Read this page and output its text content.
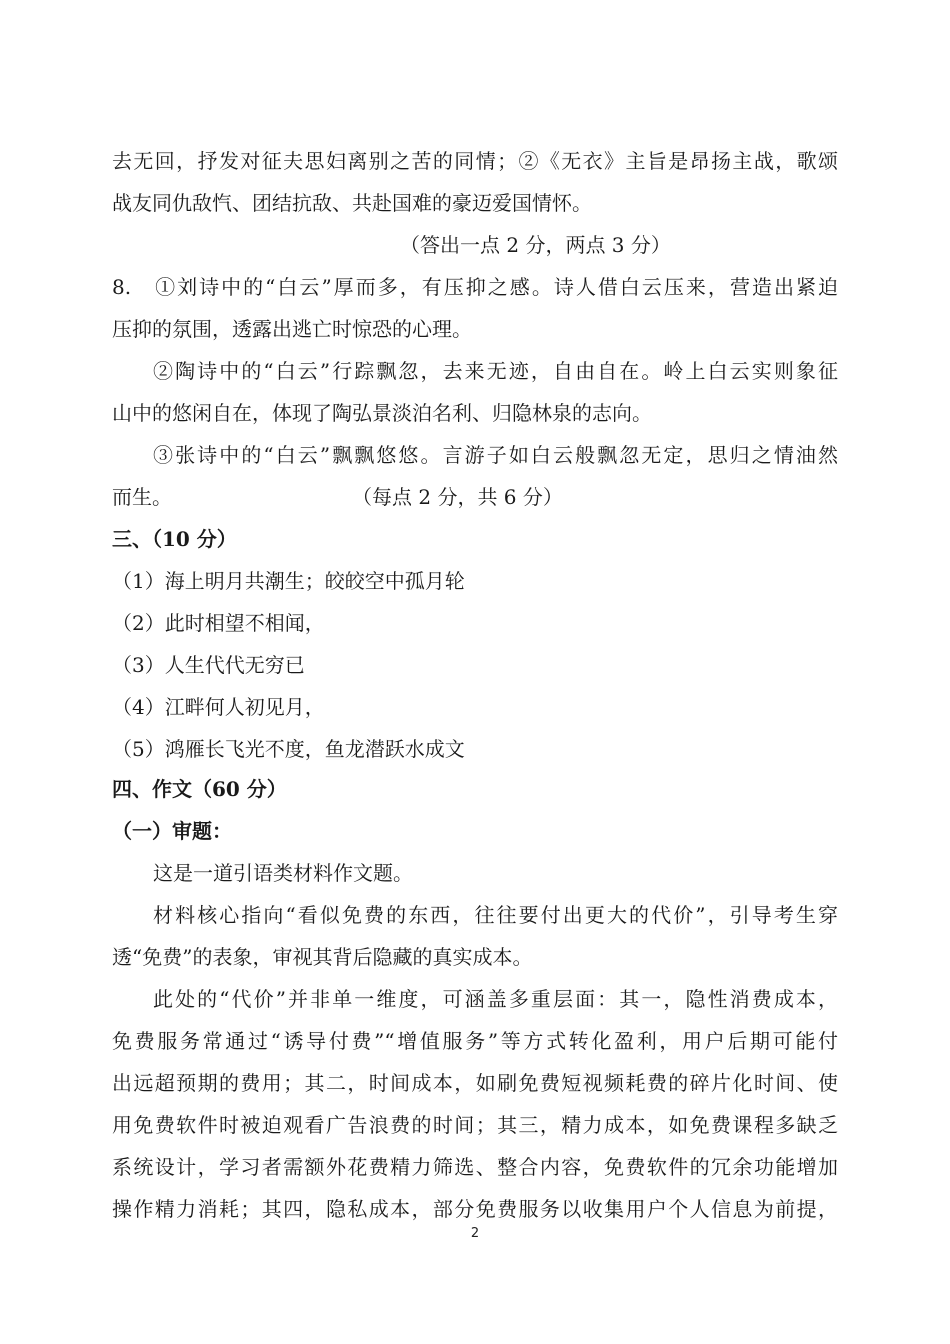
去无回，抒发对征夫思妇离别之苦的同情；②《无衣》主旨是昂扬主战，歌颂
战友同仇敌忾、团结抗敌、共赴国难的豪迈爱国情怀。
（答出一点 2 分，两点 3 分）
8.　①刘诗中的“白云”厚而多，有压抑之感。诗人借白云压来，营造出紧迫
压抑的氛围，透露出逃亡时惊恐的心理。
②陶诗中的“白云”行踪飘忽，去来无迹，自由自在。岭上白云实则象征
山中的悠闲自在，体现了陶弘景淡泊名利、归隐林泉的志向。
③张诗中的“白云”飘飘悠悠。言游子如白云般飘忽无定，思归之情油然
而生。	（每点 2 分，共 6 分）
三、（10 分）
（1）海上明月共潮生；皎皎空中孤月轮
（2）此时相望不相闻，
（3）人生代代无穷已
（4）江畔何人初见月，
（5）鸿雁长飞光不度，鱼龙潜跃水成文
四、作文（60 分）
（一）审题：
这是一道引语类材料作文题。
材料核心指向“看似免费的东西，往往要付出更大的代价”，引导考生穿
透“免费”的表象，审视其背后隐藏的真实成本。
此处的“代价”并非单一维度，可涵盖多重层面：其一，隐性消费成本，
免费服务常通过“诱导付费”“增值服务”等方式转化盈利，用户后期可能付
出远超预期的费用；其二，时间成本，如刷免费短视频耗费的碎片化时间、使
用免费软件时被迫观看广告浪费的时间；其三，精力成本，如免费课程多缺乏
系统设计，学习者需额外花费精力筛选、整合内容，免费软件的冗余功能增加
操作精力消耗；其四，隐私成本，部分免费服务以收集用户个人信息为前提，
2
